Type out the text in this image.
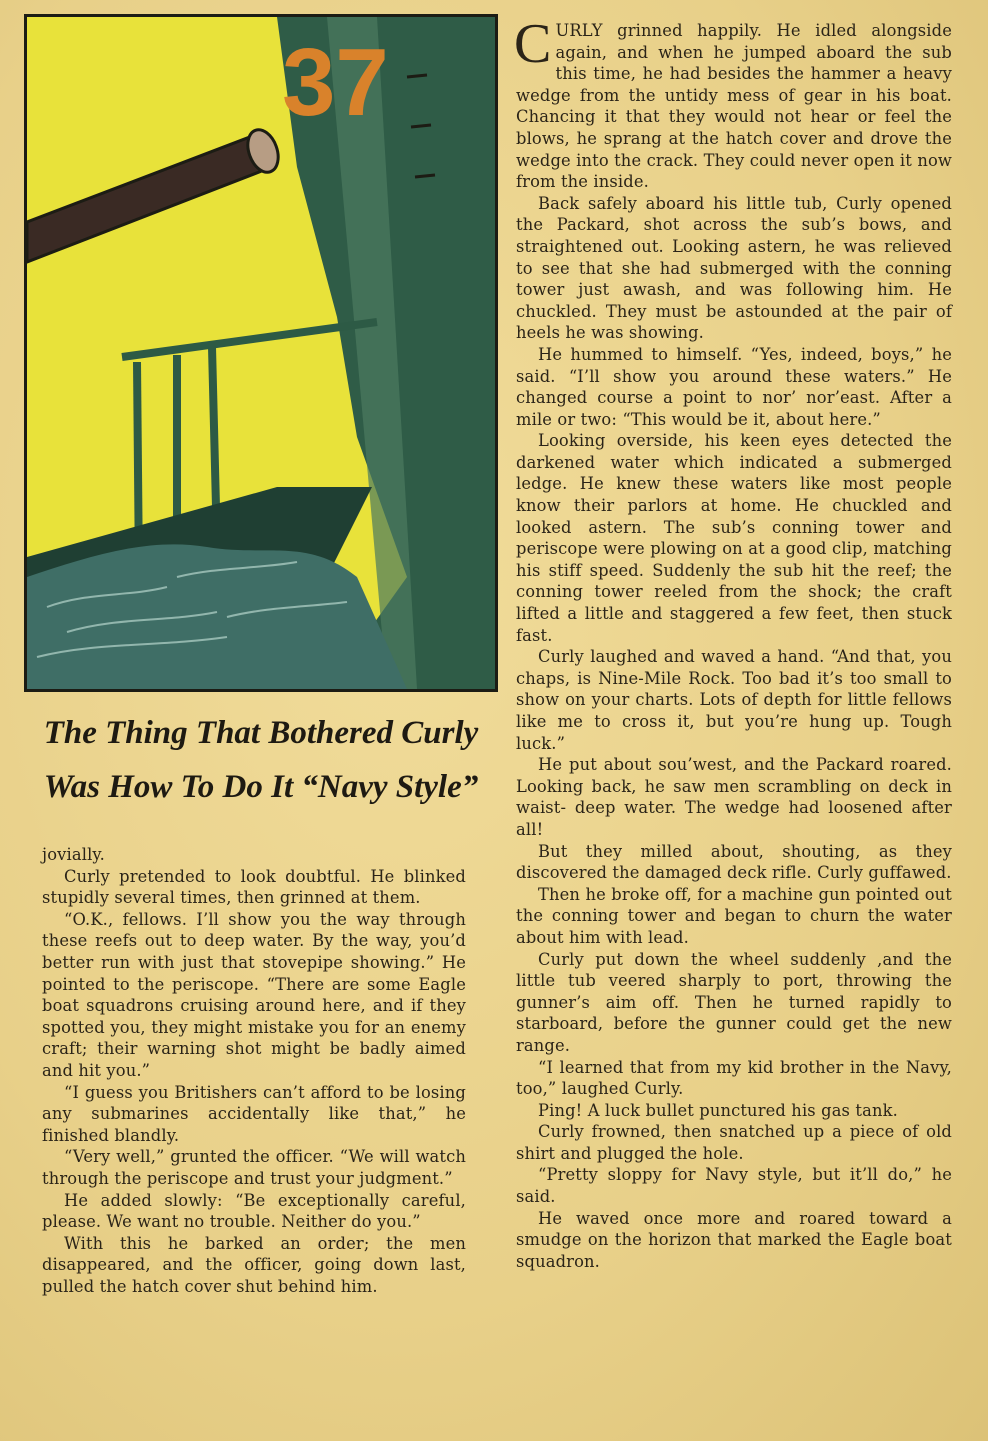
37
The Thing That Bothered Curly
Was How To Do It “Navy Style”

jovially.

Curly pretended to look doubtful. He blinked stupidly several times, then grinned at them.

“O.K., fellows. I’ll show you the way through these reefs out to deep water. By the way, you’d better run with just that stovepipe showing.” He pointed to the periscope. “There are some Eagle boat squadrons cruising around here, and if they spotted you, they might mistake you for an enemy craft; their warning shot might be badly aimed and hit you.”

“I guess you Britishers can’t afford to be losing any submarines accidentally like that,” he finished blandly.

“Very well,” grunted the officer. “We will watch through the periscope and trust your judgment.”

He added slowly: “Be exceptionally careful, please. We want no trouble. Neither do you.”

With this he barked an order; the men disappeared, and the officer, going down last, pulled the hatch cover shut behind him.

CURLY grinned happily. He idled alongside again, and when he jumped aboard the sub this time, he had besides the hammer a heavy wedge from the untidy mess of gear in his boat. Chancing it that they would not hear or feel the blows, he sprang at the hatch cover and drove the wedge into the crack. They could never open it now from the inside.

Back safely aboard his little tub, Curly opened the Packard, shot across the sub’s bows, and straightened out. Looking astern, he was relieved to see that she had submerged with the conning tower just awash, and was following him. He chuckled. They must be astounded at the pair of heels he was showing.

He hummed to himself. “Yes, indeed, boys,” he said. “I’ll show you around these waters.” He changed course a point to nor’ nor’east. After a mile or two: “This would be it, about here.”

Looking overside, his keen eyes detected the darkened water which indicated a submerged ledge. He knew these waters like most people know their parlors at home. He chuckled and looked astern. The sub’s conning tower and periscope were plowing on at a good clip, matching his stiff speed. Suddenly the sub hit the reef; the conning tower reeled from the shock; the craft lifted a little and staggered a few feet, then stuck fast.

Curly laughed and waved a hand. “And that, you chaps, is Nine-Mile Rock. Too bad it’s too small to show on your charts. Lots of depth for little fellows like me to cross it, but you’re hung up. Tough luck.”

He put about sou’west, and the Packard roared. Looking back, he saw men scrambling on deck in waist- deep water. The wedge had loosened after all!

But they milled about, shouting, as they discovered the damaged deck rifle. Curly guffawed.

Then he broke off, for a machine gun pointed out the conning tower and began to churn the water about him with lead.

Curly put down the wheel suddenly ,and the little tub veered sharply to port, throwing the gunner’s aim off. Then he turned rapidly to starboard, before the gunner could get the new range.

“I learned that from my kid brother in the Navy, too,” laughed Curly.

Ping! A luck bullet punctured his gas tank.

Curly frowned, then snatched up a piece of old shirt and plugged the hole.

“Pretty sloppy for Navy style, but it’ll do,” he said.

He waved once more and roared toward a smudge on the horizon that marked the Eagle boat squadron.
